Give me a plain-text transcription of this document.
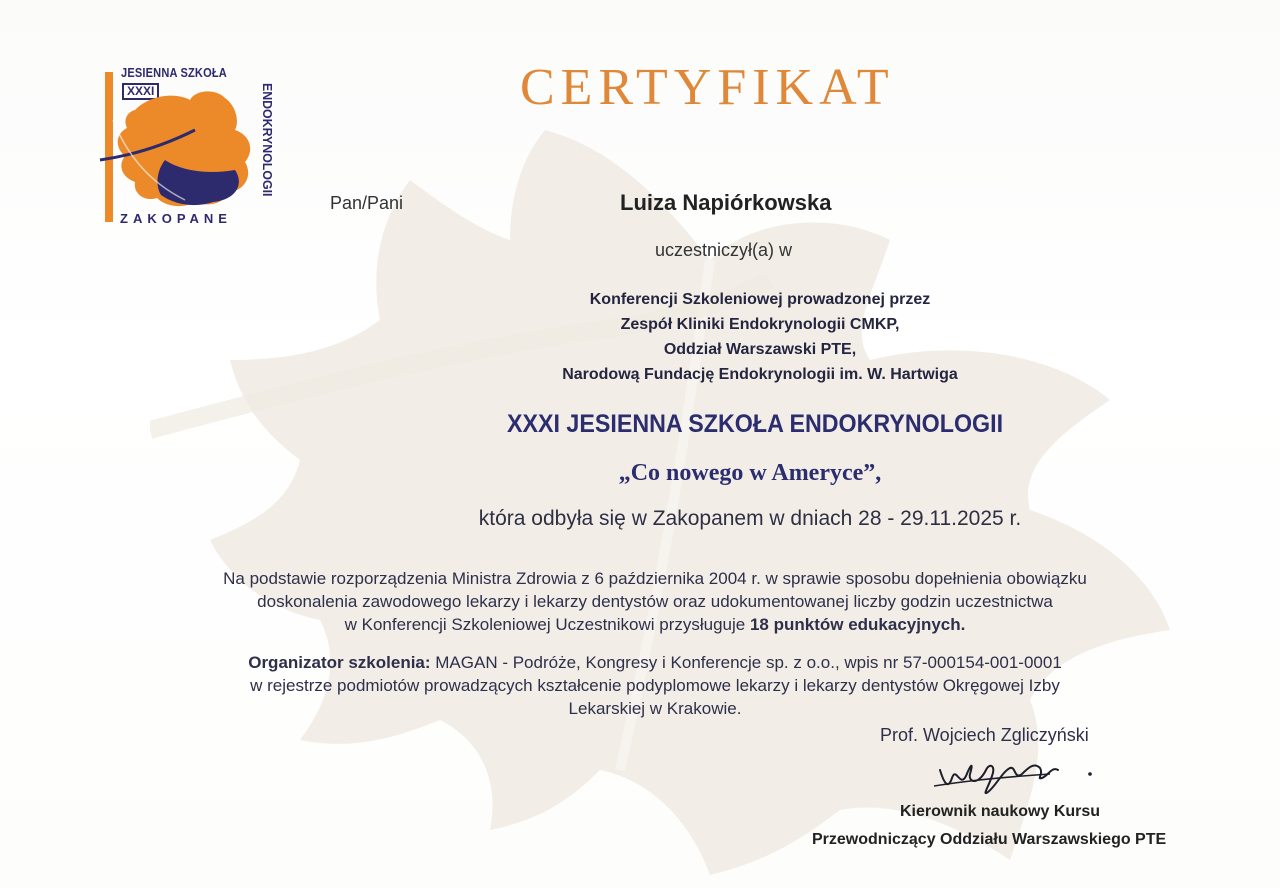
JESIENNA SZKOŁA
XXXI	ENDOKRYNOLOGII
ZAKOPANE
CERTYFIKAT
Pan/Pani	Luiza Napiórkowska
uczestniczył(a) w
Konferencji Szkoleniowej prowadzonej przez
Zespół Kliniki Endokrynologii CMKP,
Oddział Warszawski PTE,
Narodową Fundację Endokrynologii im. W. Hartwiga
XXXI JESIENNA SZKOŁA ENDOKRYNOLOGII
„Co nowego w Ameryce”,
która odbyła się w Zakopanem w dniach 28 - 29.11.2025 r.
Na podstawie rozporządzenia Ministra Zdrowia z 6 października 2004 r. w sprawie sposobu dopełnienia obowiązku
doskonalenia zawodowego lekarzy i lekarzy dentystów oraz udokumentowanej liczby godzin uczestnictwa
w Konferencji Szkoleniowej Uczestnikowi przysługuje 18 punktów edukacyjnych.
Organizator szkolenia: MAGAN - Podróże, Kongresy i Konferencje sp. z o.o., wpis nr 57-000154-001-0001
w rejestrze podmiotów prowadzących kształcenie podyplomowe lekarzy i lekarzy dentystów Okręgowej Izby
Lekarskiej w Krakowie.
Prof. Wojciech Zgliczyński
Kierownik naukowy Kursu
Przewodniczący Oddziału Warszawskiego PTE
